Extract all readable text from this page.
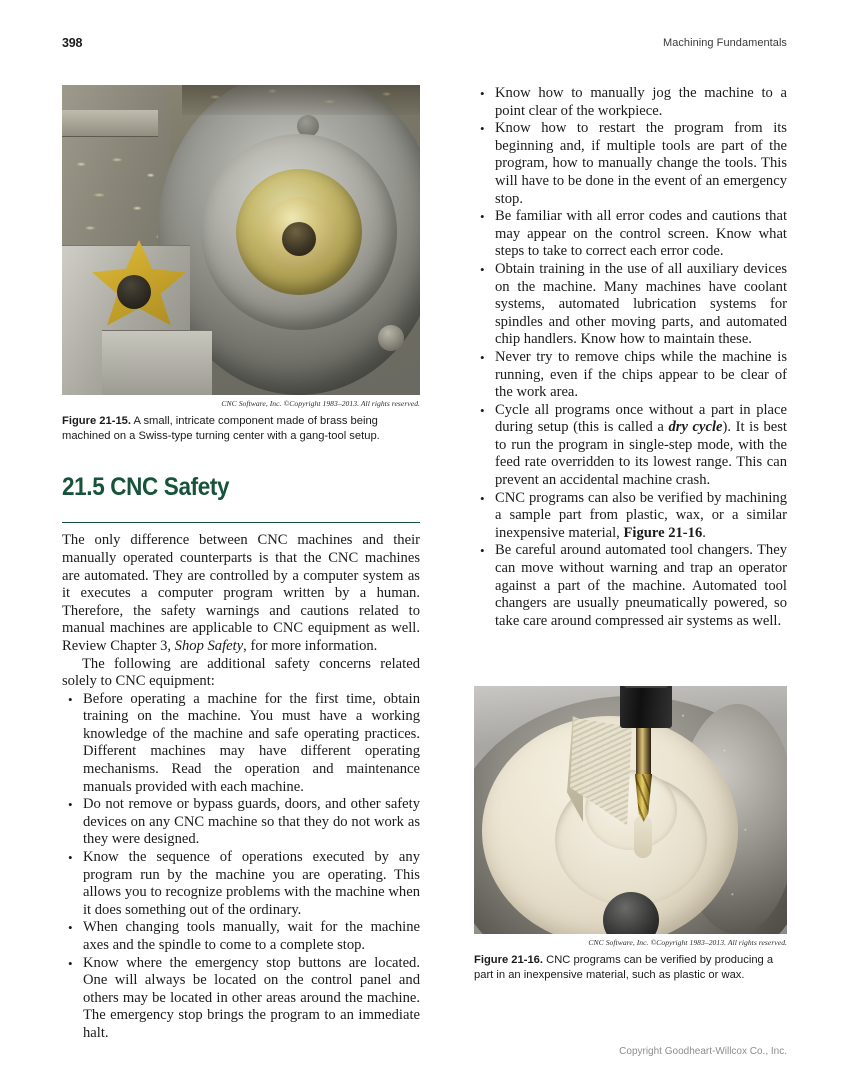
398	Machining Fundamentals
CNC Software, Inc. ©Copyright 1983–2013. All rights reserved.
Figure 21-15. A small, intricate component made of brass being machined on a Swiss-type turning center with a gang-tool setup.
21.5 CNC Safety

The only difference between CNC machines and their manually operated counterparts is that the CNC machines are automated. They are controlled by a computer system as it executes a computer program written by a human. Therefore, the safety warnings and cautions related to manual machines are applicable to CNC equipment as well. Review Chapter 3, Shop Safety, for more information.

The following are additional safety concerns related solely to CNC equipment:

• Before operating a machine for the first time, obtain training on the machine. You must have a working knowledge of the machine and safe operating practices. Different machines may have different operating mechanisms. Read the operation and maintenance manuals provided with each machine.
• Do not remove or bypass guards, doors, and other safety devices on any CNC machine so that they do not work as they were designed.
• Know the sequence of operations executed by any program run by the machine you are operating. This allows you to recognize problems with the machine when it does something out of the ordinary.
• When changing tools manually, wait for the machine axes and the spindle to come to a complete stop.
• Know where the emergency stop buttons are located. One will always be located on the control panel and others may be located in other areas around the machine. The emergency stop brings the program to an immediate halt.
• Know how to manually jog the machine to a point clear of the workpiece.
• Know how to restart the program from its beginning and, if multiple tools are part of the program, how to manually change the tools. This will have to be done in the event of an emergency stop.
• Be familiar with all error codes and cautions that may appear on the control screen. Know what steps to take to correct each error code.
• Obtain training in the use of all auxiliary devices on the machine. Many machines have coolant systems, automated lubrication systems for spindles and other moving parts, and automated chip handlers. Know how to maintain these.
• Never try to remove chips while the machine is running, even if the chips appear to be clear of the work area.
• Cycle all programs once without a part in place during setup (this is called a dry cycle). It is best to run the program in single-step mode, with the feed rate overridden to its lowest range. This can prevent an accidental machine crash.
• CNC programs can also be verified by machining a sample part from plastic, wax, or a similar inexpensive material, Figure 21-16.
• Be careful around automated tool changers. They can move without warning and trap an operator against a part of the machine. Automated tool changers are usually pneumatically powered, so take care around compressed air systems as well.
CNC Software, Inc. ©Copyright 1983–2013. All rights reserved.
Figure 21-16. CNC programs can be verified by producing a part in an inexpensive material, such as plastic or wax.
Copyright Goodheart-Willcox Co., Inc.
